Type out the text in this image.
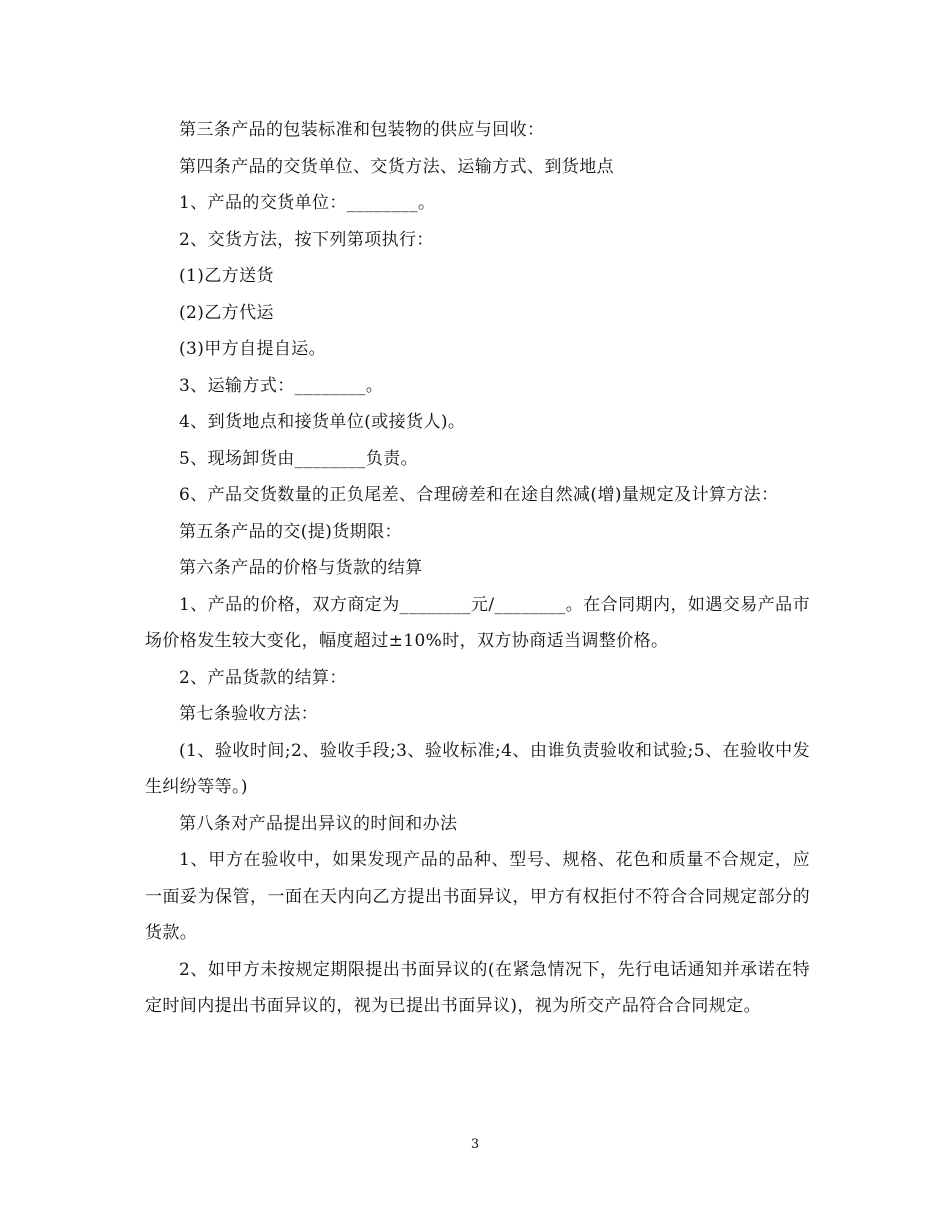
第三条产品的包装标准和包装物的供应与回收：

第四条产品的交货单位、交货方法、运输方式、到货地点

1、产品的交货单位：________。

2、交货方法，按下列第项执行：

(1)乙方送货

(2)乙方代运

(3)甲方自提自运。

3、运输方式：________。

4、到货地点和接货单位(或接货人)。

5、现场卸货由________负责。

6、产品交货数量的正负尾差、合理磅差和在途自然减(增)量规定及计算方法：

第五条产品的交(提)货期限：

第六条产品的价格与货款的结算

1、产品的价格，双方商定为________元/________。在合同期内，如遇交易产品市场价格发生较大变化，幅度超过±10%时，双方协商适当调整价格。

2、产品货款的结算：

第七条验收方法：

(1、验收时间;2、验收手段;3、验收标准;4、由谁负责验收和试验;5、在验收中发生纠纷等等。)

第八条对产品提出异议的时间和办法

1、甲方在验收中，如果发现产品的品种、型号、规格、花色和质量不合规定，应一面妥为保管，一面在天内向乙方提出书面异议，甲方有权拒付不符合合同规定部分的货款。

2、如甲方未按规定期限提出书面异议的(在紧急情况下，先行电话通知并承诺在特定时间内提出书面异议的，视为已提出书面异议)，视为所交产品符合合同规定。

3
